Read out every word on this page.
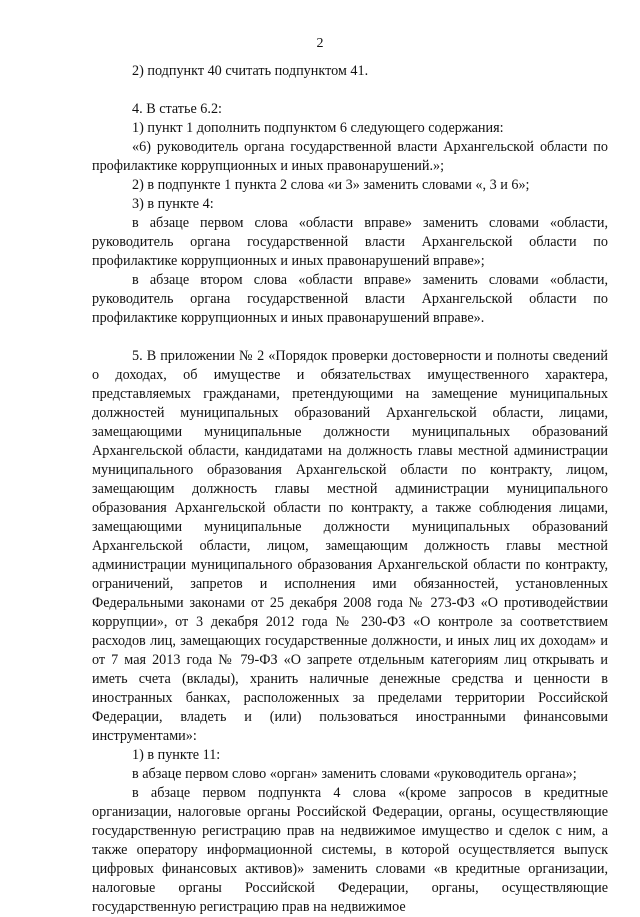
2

2) подпункт 40 считать подпунктом 41.

4. В статье 6.2:

1) пункт 1 дополнить подпунктом 6 следующего содержания:

«6) руководитель органа государственной власти Архангельской области по профилактике коррупционных и иных правонарушений.»;

2) в подпункте 1 пункта 2 слова «и 3» заменить словами «, 3 и 6»;

3) в пункте 4:

в абзаце первом слова «области вправе» заменить словами «области, руководитель органа государственной власти Архангельской области по профилактике коррупционных и иных правонарушений вправе»;

в абзаце втором слова «области вправе» заменить словами «области, руководитель органа государственной власти Архангельской области по профилактике коррупционных и иных правонарушений вправе».

5. В приложении № 2 «Порядок проверки достоверности и полноты сведений о доходах, об имуществе и обязательствах имущественного характера, представляемых гражданами, претендующими на замещение муниципальных должностей муниципальных образований Архангельской области, лицами, замещающими муниципальные должности муниципальных образований Архангельской области, кандидатами на должность главы местной администрации муниципального образования Архангельской области по контракту, лицом, замещающим должность главы местной администрации муниципального образования Архангельской области по контракту, а также соблюдения лицами, замещающими муниципальные должности муниципальных образований Архангельской области, лицом, замещающим должность главы местной администрации муниципального образования Архангельской области по контракту, ограничений, запретов и исполнения ими обязанностей, установленных Федеральными законами от 25 декабря 2008 года № 273-ФЗ «О противодействии коррупции», от 3 декабря 2012 года № 230-ФЗ «О контроле за соответствием расходов лиц, замещающих государственные должности, и иных лиц их доходам» и от 7 мая 2013 года № 79-ФЗ «О запрете отдельным категориям лиц открывать и иметь счета (вклады), хранить наличные денежные средства и ценности в иностранных банках, расположенных за пределами территории Российской Федерации, владеть и (или) пользоваться иностранными финансовыми инструментами»:

1) в пункте 11:

в абзаце первом слово «орган» заменить словами «руководитель органа»;

в абзаце первом подпункта 4 слова «(кроме запросов в кредитные организации, налоговые органы Российской Федерации, органы, осуществляющие государственную регистрацию прав на недвижимое имущество и сделок с ним, а также оператору информационной системы, в которой осуществляется выпуск цифровых финансовых активов)» заменить словами «в кредитные организации, налоговые органы Российской Федерации, органы, осуществляющие государственную регистрацию прав на недвижимое
